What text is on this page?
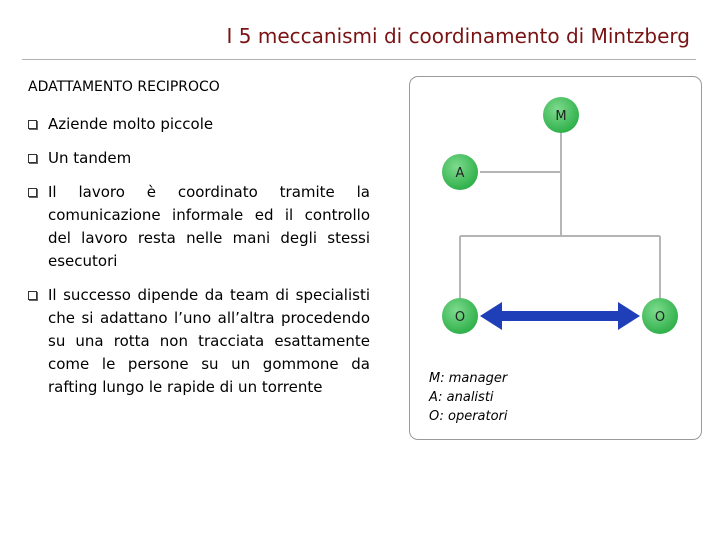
I 5 meccanismi di coordinamento di Mintzberg
ADATTAMENTO RECIPROCO
Aziende molto piccole
Un tandem
Il lavoro è coordinato tramite la comunicazione informale ed il controllo del lavoro resta nelle mani degli stessi esecutori
Il successo dipende da team di specialisti che si adattano l’uno all’altra procedendo su una rotta non tracciata esattamente come le persone su un gommone da rafting lungo le rapide di un torrente
M
A
O	O
M: manager
A: analisti
O: operatori
